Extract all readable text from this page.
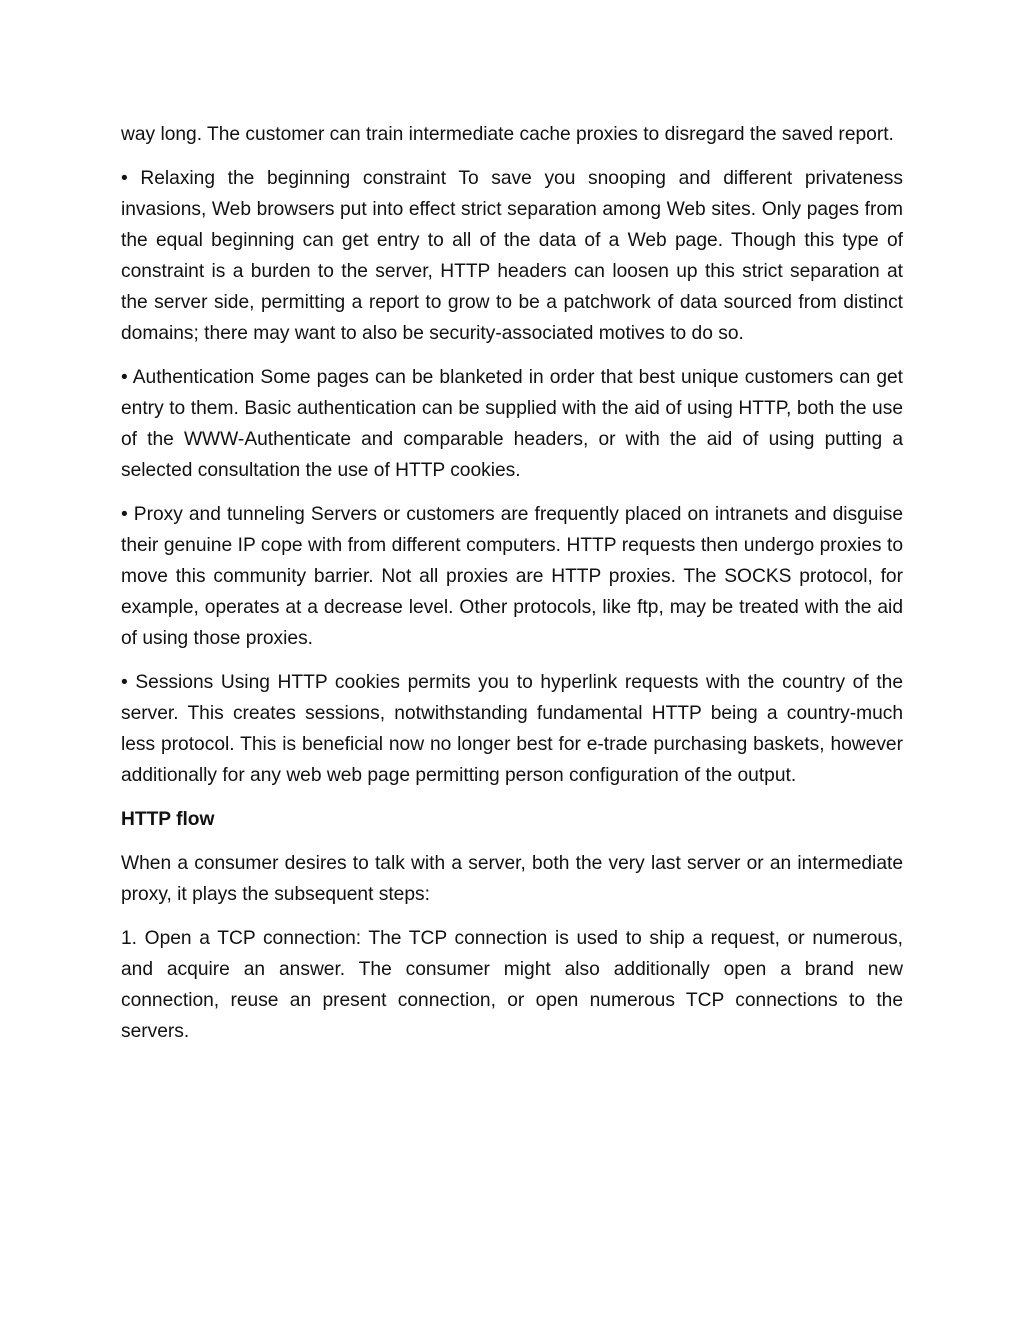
way long. The customer can train intermediate cache proxies to disregard the saved report.

• Relaxing the beginning constraint To save you snooping and different privateness invasions, Web browsers put into effect strict separation among Web sites. Only pages from the equal beginning can get entry to all of the data of a Web page. Though this type of constraint is a burden to the server, HTTP headers can loosen up this strict separation at the server side, permitting a report to grow to be a patchwork of data sourced from distinct domains; there may want to also be security-associated motives to do so.

• Authentication Some pages can be blanketed in order that best unique customers can get entry to them. Basic authentication can be supplied with the aid of using HTTP, both the use of the WWW-Authenticate and comparable headers, or with the aid of using putting a selected consultation the use of HTTP cookies.

• Proxy and tunneling Servers or customers are frequently placed on intranets and disguise their genuine IP cope with from different computers. HTTP requests then undergo proxies to move this community barrier. Not all proxies are HTTP proxies. The SOCKS protocol, for example, operates at a decrease level. Other protocols, like ftp, may be treated with the aid of using those proxies.

• Sessions Using HTTP cookies permits you to hyperlink requests with the country of the server. This creates sessions, notwithstanding fundamental HTTP being a country-much less protocol. This is beneficial now no longer best for e-trade purchasing baskets, however additionally for any web web page permitting person configuration of the output.

HTTP flow

When a consumer desires to talk with a server, both the very last server or an intermediate proxy, it plays the subsequent steps:

1. Open a TCP connection: The TCP connection is used to ship a request, or numerous, and acquire an answer. The consumer might also additionally open a brand new connection, reuse an present connection, or open numerous TCP connections to the servers.
